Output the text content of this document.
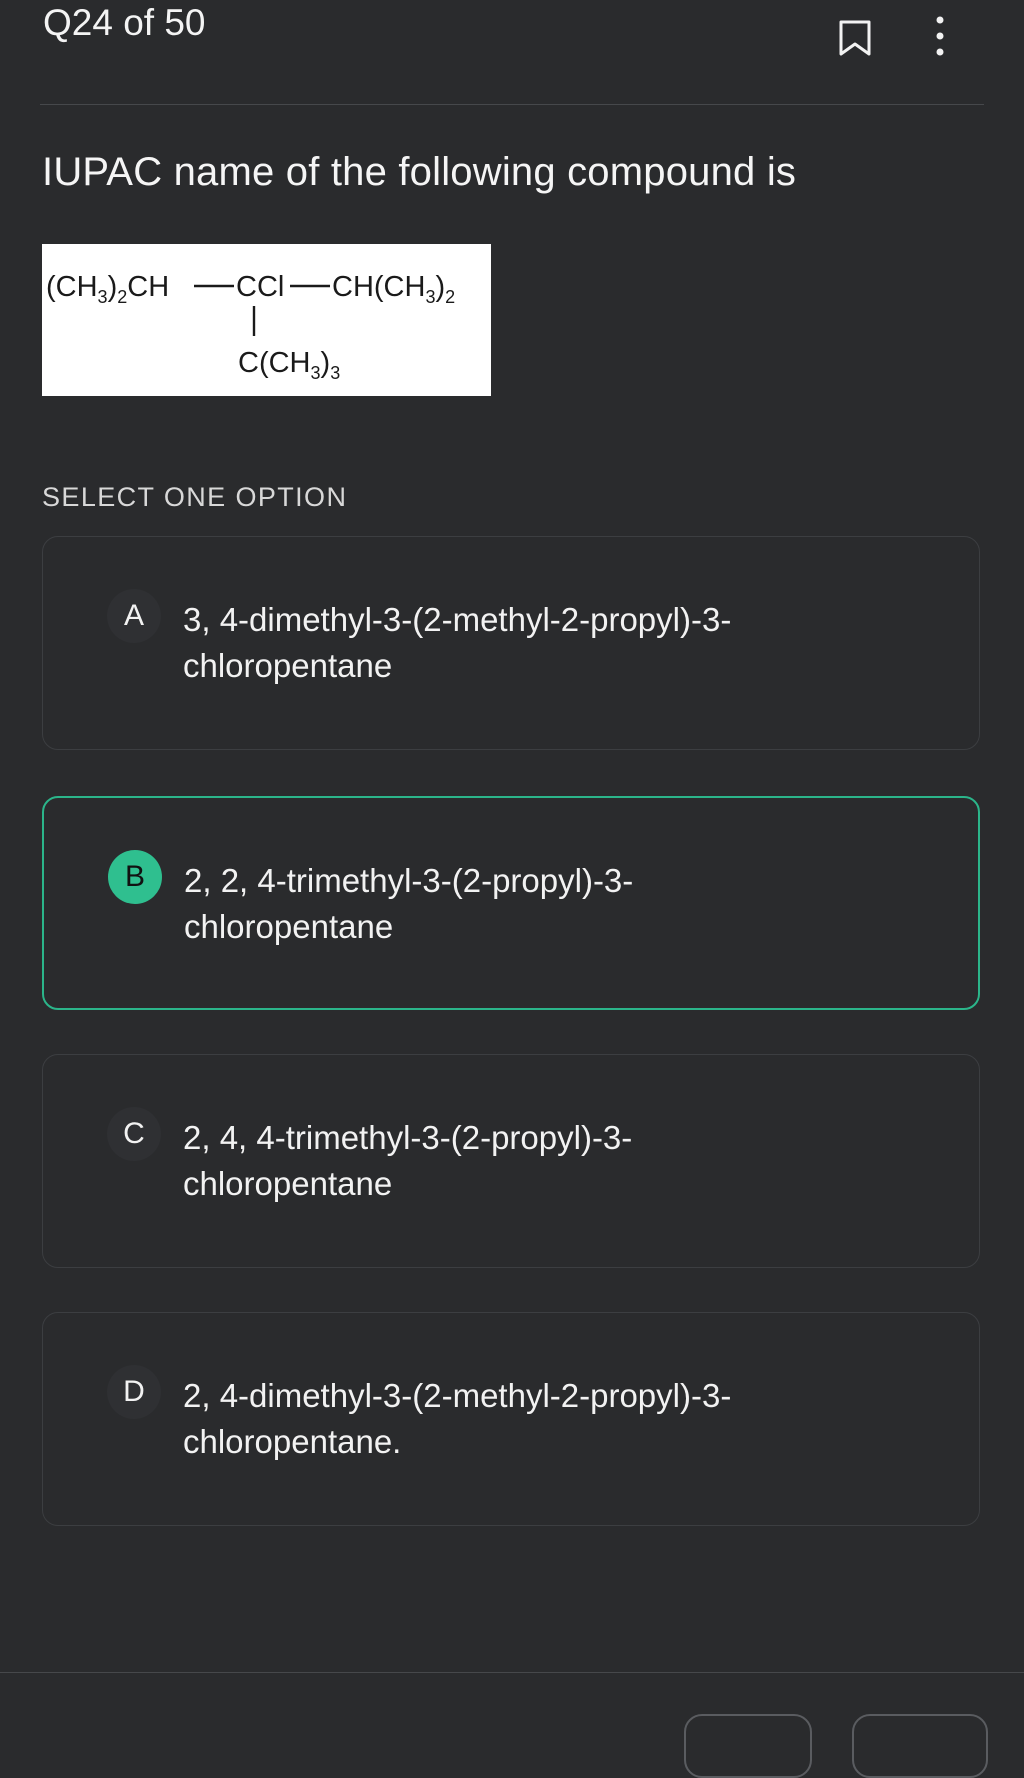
Q24 of 50
IUPAC name of the following compound is
$(CH_3)_2CH$ CCl $CH(CH_3)_2$
$C(CH_3)_3$
SELECT ONE OPTION
A	3, 4-dimethyl-3-(2-methyl-2-propyl)-3-
chloropentane
B	2, 2, 4-trimethyl-3-(2-propyl)-3-
chloropentane
C	2, 4, 4-trimethyl-3-(2-propyl)-3-
chloropentane
D	2, 4-dimethyl-3-(2-methyl-2-propyl)-3-
chloropentane.
